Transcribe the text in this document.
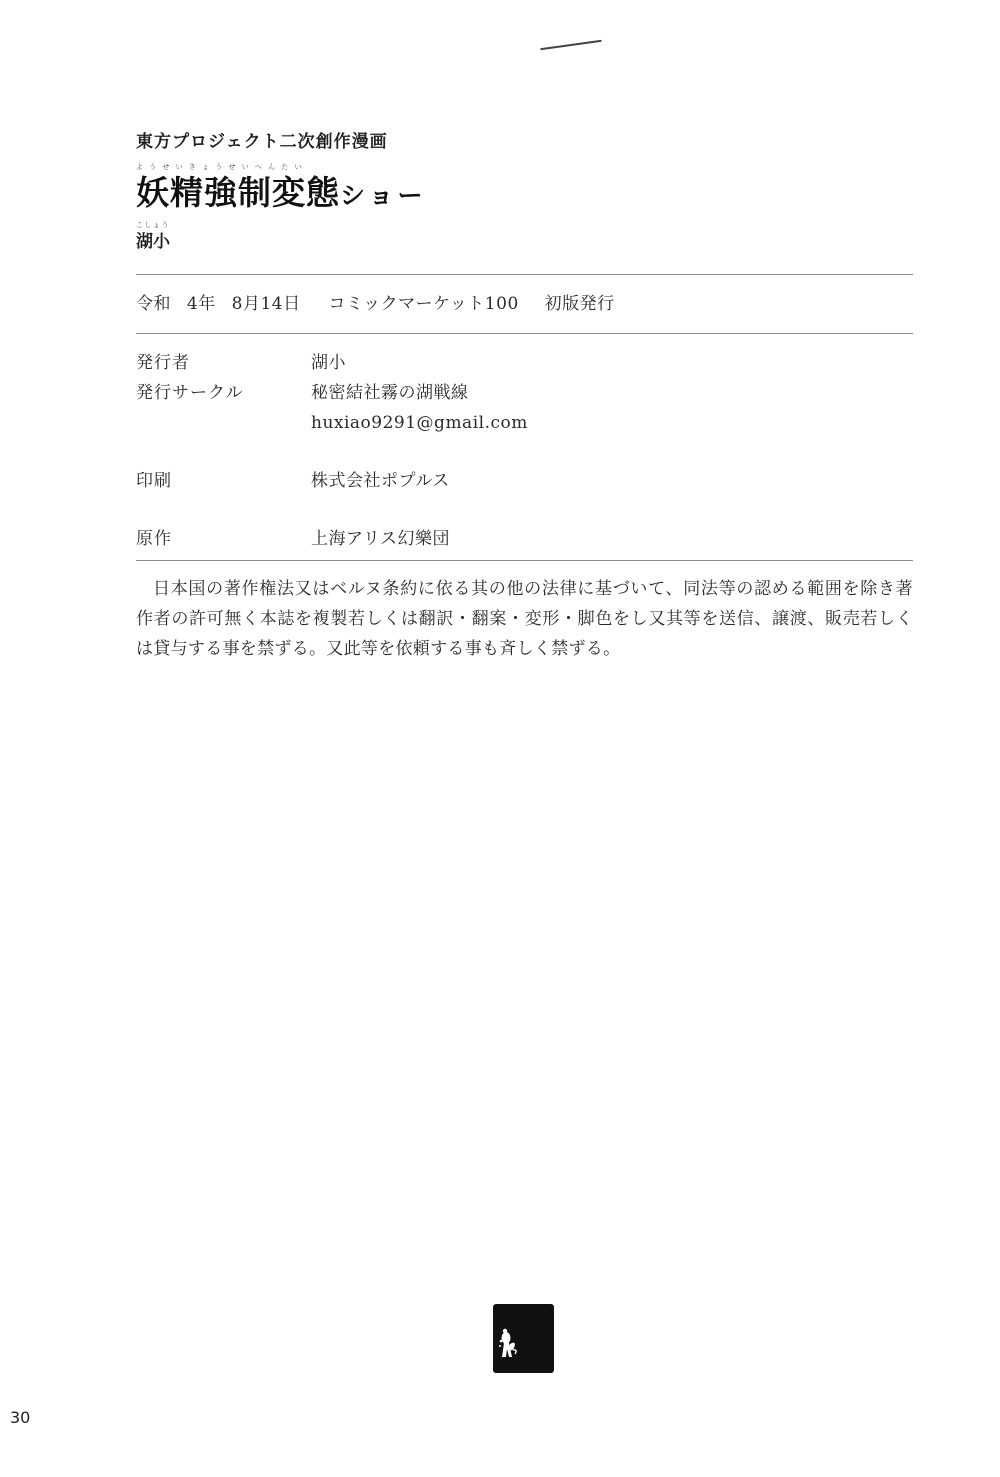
東方プロジェクト二次創作漫画
ようせいきょうせいへんたい
妖精強制変態ショー
こしょう
湖小
令和 4年 8月14日 コミックマーケット100 初版発行
発行者	湖小
発行サークル	秘密結社霧の湖戦線
huxiao9291@gmail.com
印刷	株式会社ポプルス
原作	上海アリス幻樂団

日本国の著作権法又はベルヌ条約に依る其の他の法律に基づいて、同法等の認める範囲を除き著作者の許可無く本誌を複製若しくは翻訳・翻案・変形・脚色をし又其等を送信、譲渡、販売若しくは貸与する事を禁ずる。又此等を依頼する事も斉しく禁ずる。

30
